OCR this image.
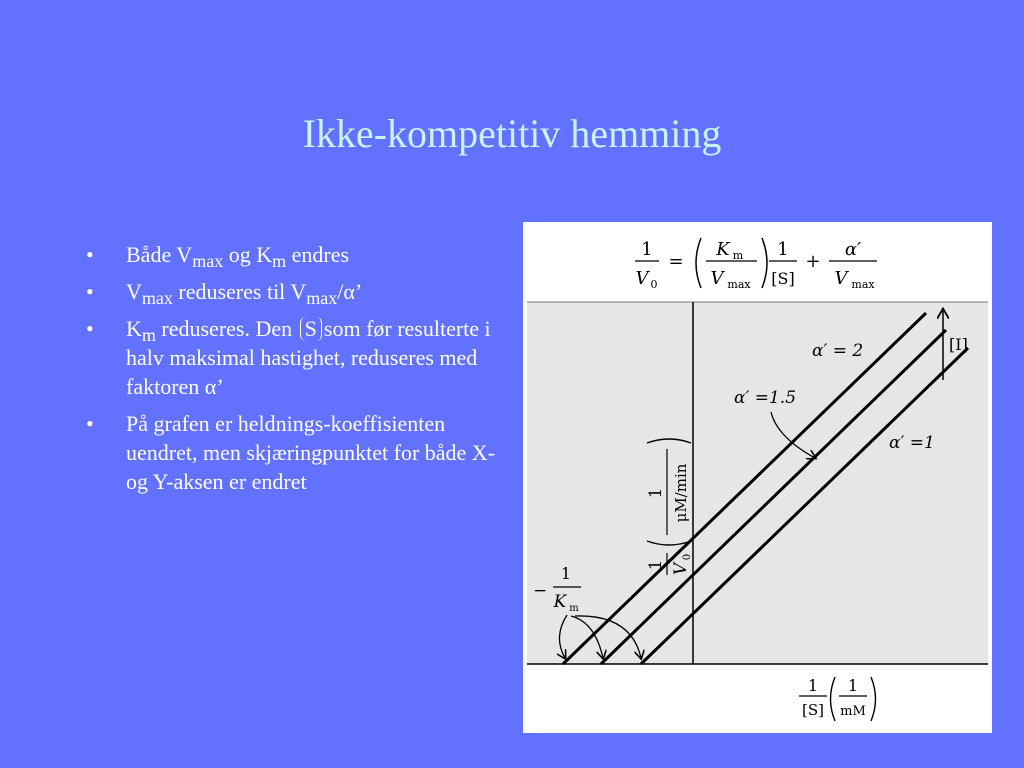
Ikke-kompetitiv hemming
• Både $V_{max}$ og $K_m$ endres
• $V_{max}$ reduseres til $V_{max}/\alpha$’
• $K_m$ reduseres. Den S som før resulterte i halv maksimal hastighet, reduseres med faktoren α’
• På grafen er heldnings-koeffisienten uendret, men skjæringpunktet for både X- og Y-aksen er endret
1
V 0
=
K m
V max
1
[S]
+
α′
V max
α′ = 2
α′ =1.5
α′ =1
[I]
1 V
0
1 μM/min
−
1
K m
1
[S]
1
mM
